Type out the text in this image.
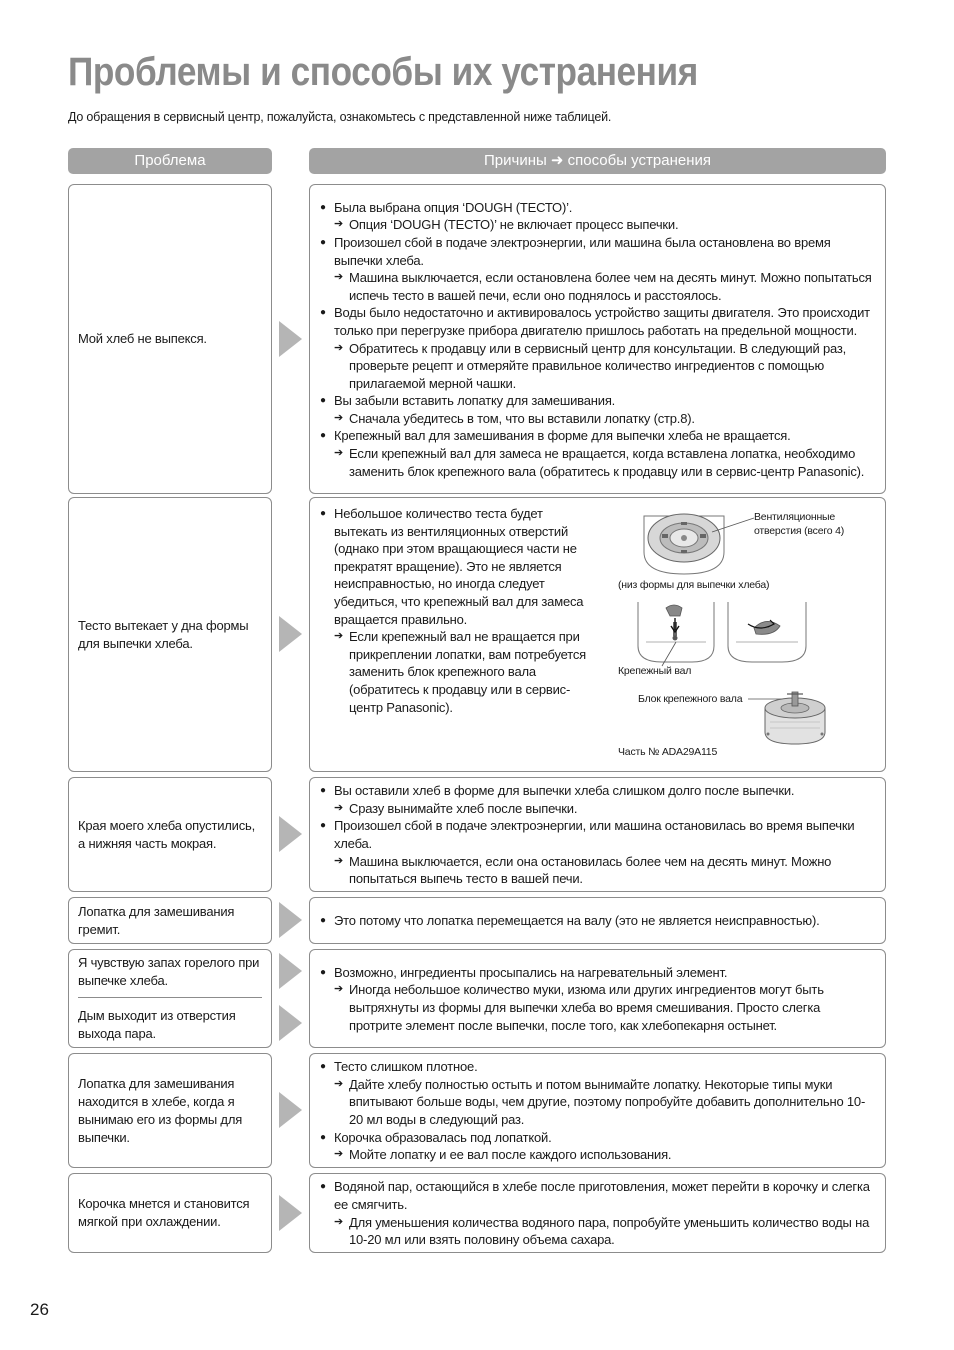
Проблемы и способы их устранения

До обращения в сервисный центр, пожалуйста, ознакомьтесь с представленной ниже таблицей.

Проблема	Причины ➜ способы устранения
Мой хлеб не выпекся.
● Была выбрана опция ‘DOUGH (ТЕСТО)’.
➔ Опция ‘DOUGH (ТЕСТО)’ не включает процесс выпечки.
● Произошел сбой в подаче электроэнергии, или машина была остановлена во время выпечки хлеба.
➔ Машина выключается, если остановлена более чем на десять минут. Можно попытаться испечь тесто в вашей печи, если оно поднялось и расстоялось.
● Воды было недостаточно и активировалось устройство защиты двигателя. Это происходит только при перегрузке прибора двигателю пришлось работать на предельной мощности.
➔ Обратитесь к продавцу или в сервисный центр для консультации. В следующий раз, проверьте рецепт и отмеряйте правильное количество ингредиентов с помощью прилагаемой мерной чашки.
● Вы забыли вставить лопатку для замешивания.
➔ Сначала убедитесь в том, что вы вставили лопатку (стр.8).
● Крепежный вал для замешивания в форме для выпечки хлеба не вращается.
➔ Если крепежный вал для замеса не вращается, когда вставлена лопатка, необходимо заменить блок крепежного вала (обратитесь к продавцу или в сервис-центр Panasonic).
Тесто вытекает у дна формы для выпечки хлеба.
● Небольшое количество теста будет вытекать из вентиляционных отверстий (однако при этом вращающиеся части не прекратят вращение). Это не является неисправностью, но иногда следует убедиться, что крепежный вал для замеса вращается правильно.
➔ Если крепежный вал не вращается при прикреплении лопатки, вам потребуется заменить блок крепежного вала (обратитесь к продавцу или в сервис-центр Panasonic).
Вентиляционные отверстия (всего 4)
(низ формы для выпечки хлеба)
Крепежный вал
Блок крепежного вала
Часть № ADA29A115
Края моего хлеба опустились, а нижняя часть мокрая.
● Вы оставили хлеб в форме для выпечки хлеба слишком долго после выпечки.
➔ Сразу вынимайте хлеб после выпечки.
● Произошел сбой в подаче электроэнергии, или машина остановилась во время выпечки хлеба.
➔ Машина выключается, если она остановилась более чем на десять минут. Можно попытаться выпечь тесто в вашей печи.
Лопатка для замешивания гремит.
● Это потому что лопатка перемещается на валу (это не является неисправностью).
Я чувствую запах горелого при выпечке хлеба.
Дым выходит из отверстия выхода пара.
● Возможно, ингредиенты просыпались на нагревательный элемент.
➔ Иногда небольшое количество муки, изюма или других ингредиентов могут быть вытряхнуты из формы для выпечки хлеба во время смешивания. Просто слегка протрите элемент после выпечки, после того, как хлебопекарня остынет.
Лопатка для замешивания находится в хлебе, когда я вынимаю его из формы для выпечки.
● Тесто слишком плотное.
➔ Дайте хлебу полностью остыть и потом вынимайте лопатку. Некоторые типы муки впитывают больше воды, чем другие, поэтому попробуйте добавить дополнительно 10-20 мл воды в следующий раз.
● Корочка образовалась под лопаткой.
➔ Мойте лопатку и ее вал после каждого использования.
Корочка мнется и становится мягкой при охлаждении.
● Водяной пар, остающийся в хлебе после приготовления, может перейти в корочку и слегка ее смягчить.
➔ Для уменьшения количества водяного пара, попробуйте уменьшить количество воды на 10-20 мл или взять половину объема сахара.
26
